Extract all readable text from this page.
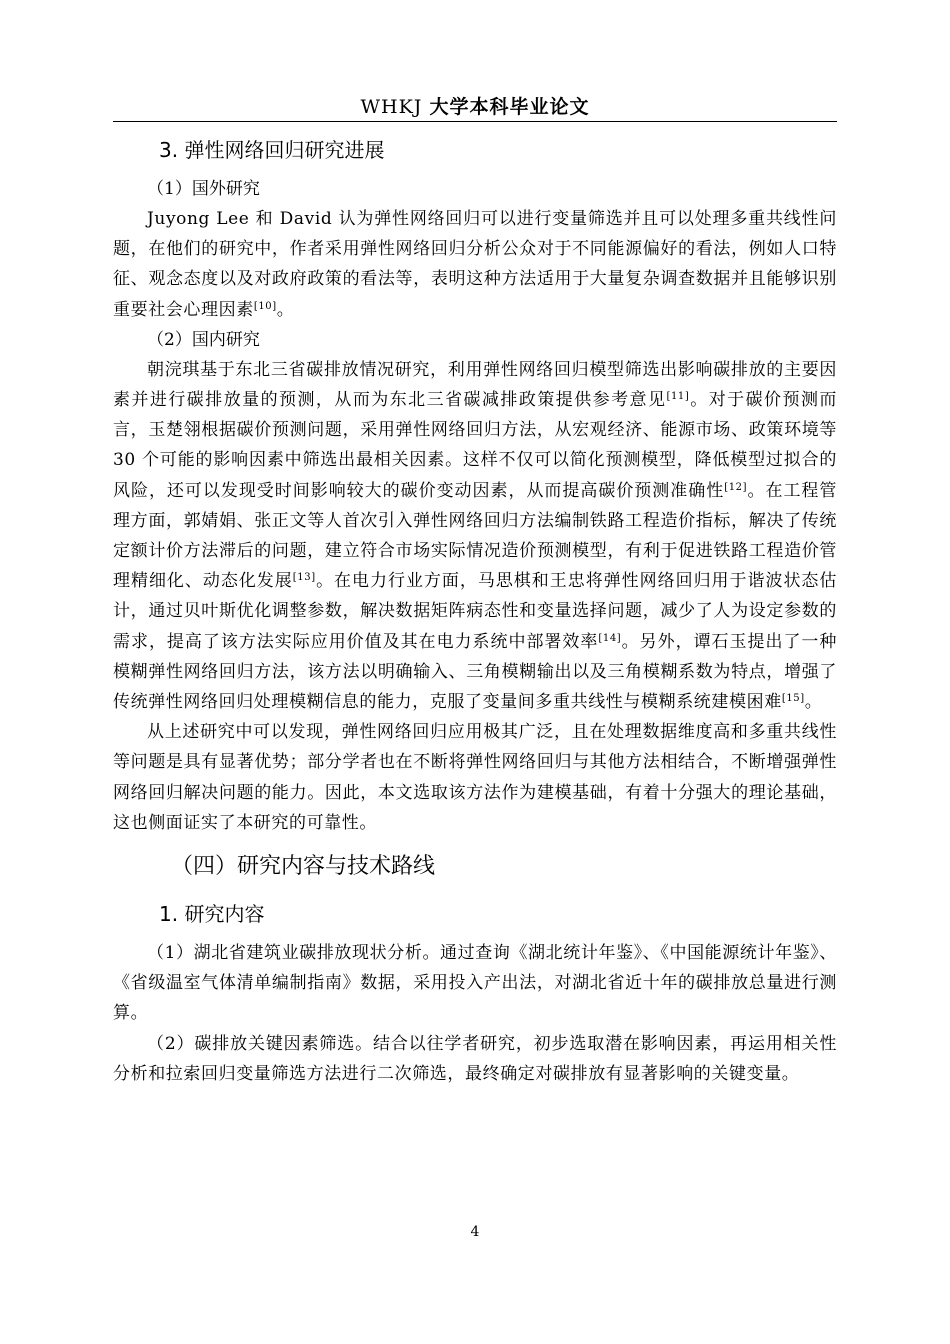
WHKJ 大学本科毕业论文
3. 弹性网络回归研究进展
（1）国外研究

Juyong Lee 和 David 认为弹性网络回归可以进行变量筛选并且可以处理多重共线性问题，在他们的研究中，作者采用弹性网络回归分析公众对于不同能源偏好的看法，例如人口特征、观念态度以及对政府政策的看法等，表明这种方法适用于大量复杂调查数据并且能够识别重要社会心理因素[10]。

（2）国内研究

朝浣琪基于东北三省碳排放情况研究，利用弹性网络回归模型筛选出影响碳排放的主要因素并进行碳排放量的预测，从而为东北三省碳减排政策提供参考意见[11]。对于碳价预测而言，玉楚翎根据碳价预测问题，采用弹性网络回归方法，从宏观经济、能源市场、政策环境等 30 个可能的影响因素中筛选出最相关因素。这样不仅可以简化预测模型，降低模型过拟合的风险，还可以发现受时间影响较大的碳价变动因素，从而提高碳价预测准确性[12]。在工程管理方面，郭婧娟、张正文等人首次引入弹性网络回归方法编制铁路工程造价指标，解决了传统定额计价方法滞后的问题，建立符合市场实际情况造价预测模型，有利于促进铁路工程造价管理精细化、动态化发展[13]。在电力行业方面，马思棋和王忠将弹性网络回归用于谐波状态估计，通过贝叶斯优化调整参数，解决数据矩阵病态性和变量选择问题，减少了人为设定参数的需求，提高了该方法实际应用价值及其在电力系统中部署效率[14]。另外，谭石玉提出了一种模糊弹性网络回归方法，该方法以明确输入、三角模糊输出以及三角模糊系数为特点，增强了传统弹性网络回归处理模糊信息的能力，克服了变量间多重共线性与模糊系统建模困难[15]。

从上述研究中可以发现，弹性网络回归应用极其广泛，且在处理数据维度高和多重共线性等问题是具有显著优势；部分学者也在不断将弹性网络回归与其他方法相结合，不断增强弹性网络回归解决问题的能力。因此，本文选取该方法作为建模基础，有着十分强大的理论基础，这也侧面证实了本研究的可靠性。

（四）研究内容与技术路线
1. 研究内容

（1）湖北省建筑业碳排放现状分析。通过查询《湖北统计年鉴》、《中国能源统计年鉴》、《省级温室气体清单编制指南》数据，采用投入产出法，对湖北省近十年的碳排放总量进行测算。

（2）碳排放关键因素筛选。结合以往学者研究，初步选取潜在影响因素，再运用相关性分析和拉索回归变量筛选方法进行二次筛选，最终确定对碳排放有显著影响的关键变量。

4
